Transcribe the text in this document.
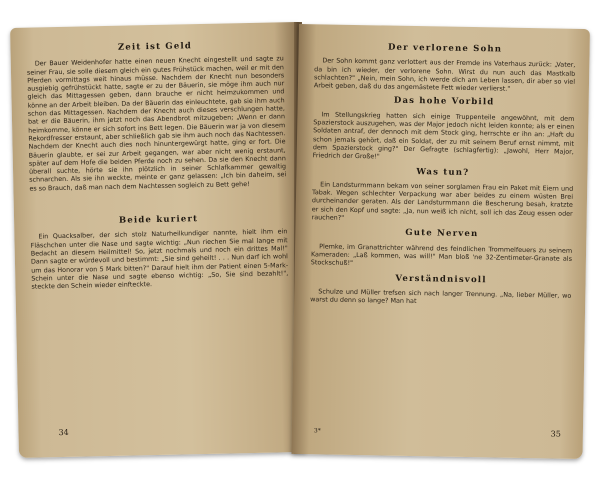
Zeit ist Geld

Der Bauer Weidenhofer hatte einen neuen Knecht eingestellt und sagte zu seiner Frau, sie solle diesem gleich ein gutes Frühstück machen, weil er mit den Pferden vormittags weit hinaus müsse. Nachdem der Knecht nun besonders ausgiebig gefrühstückt hatte, sagte er zu der Bäuerin, sie möge ihm auch nur gleich das Mittagessen geben, dann brauche er nicht heimzukommen und könne an der Arbeit bleiben. Da der Bäuerin das einleuchtete, gab sie ihm auch schon das Mittagessen. Nachdem der Knecht auch dieses verschlungen hatte, bat er die Bäuerin, ihm jetzt noch das Abendbrot mitzugeben; „Wenn er dann heimkomme, könne er sich sofort ins Bett legen. Die Bäuerin war ja von diesem Rekordfresser erstaunt, aber schließlich gab sie ihm auch noch das Nachtessen. Nachdem der Knecht auch dies noch hinuntergewürgt hatte, ging er fort. Die Bäuerin glaubte, er sei zur Arbeit gegangen, war aber nicht wenig erstaunt, später auf dem Hofe die beiden Pferde noch zu sehen. Da sie den Knecht dann überall suchte, hörte sie ihn plötzlich in seiner Schlafkammer gewaltig schnarchen. Als sie ihn weckte, meinte er ganz gelassen: „Ich bin daheim, sei es so Brauch, daß man nach dem Nachtessen sogleich zu Bett gehe!

Beide kuriert

Ein Quacksalber, der sich stolz Naturheilkundiger nannte, hielt ihm ein Fläschchen unter die Nase und sagte wichtig: „Nun riechen Sie mal lange mit Bedacht an diesem Heilmittel! So, jetzt nochmals und noch ein drittes Mal!" Dann sagte er würdevoll und bestimmt: „Sie sind geheilt! . . . Nun darf ich wohl um das Honorar von 5 Mark bitten?" Darauf hielt ihm der Patient einen 5-Mark-Schein unter die Nase und sagte ebenso wichtig: „So, Sie sind bezahlt!", steckte den Schein wieder einfteckte.

34
Der verlorene Sohn

Der Sohn kommt ganz verlottert aus der Fremde ins Vaterhaus zurück: „Vater, da bin ich wieder, der verlorene Sohn. Wirst du nun auch das Mastkalb schlachten?" „Nein, mein Sohn, ich werde dich am Leben lassen, dir aber so viel Arbeit geben, daß du das angemästete Fett wieder verlierst."

Das hohe Vorbild

Im Stellungskrieg hatten sich einige Truppenteile angewöhnt, mit dem Spazierstock auszugehen, was der Major jedoch nicht leiden konnte; als er einen Soldaten antraf, der dennoch mit dem Stock ging, herrschte er ihn an: „Haft du schon jemals gehört, daß ein Soldat, der zu mit seinem Beruf ernst nimmt, mit dem Spazierstock ging?" Der Gefragte (schlagfertig): „Jawohl, Herr Major, Friedrich der Große!"

Was tun?

Ein Landsturmmann bekam von seiner sorglamen Frau ein Paket mit Eiern und Tabak. Wegen schlechter Verpackung war aber beides zu einem wüsten Brei durcheinander geraten. Als der Landsturmmann die Bescherung besah, kratzte er sich den Kopf und sagte: „Ja, nun weiß ich nicht, soll ich das Zeug essen oder rauchen?"

Gute Nerven

Plemke, im Granattrichter während des feindlichen Trommelfeuers zu seinem Kameraden: „Laß kommen, was will!" Man bloß 'ne 32-Zentimeter-Granate als Stockschuß!"

Verständnisvoll

Schulze und Müller trefsen sich nach langer Trennung. „Na, lieber Müller, wo warst du denn so lange? Man hat

3*	35
